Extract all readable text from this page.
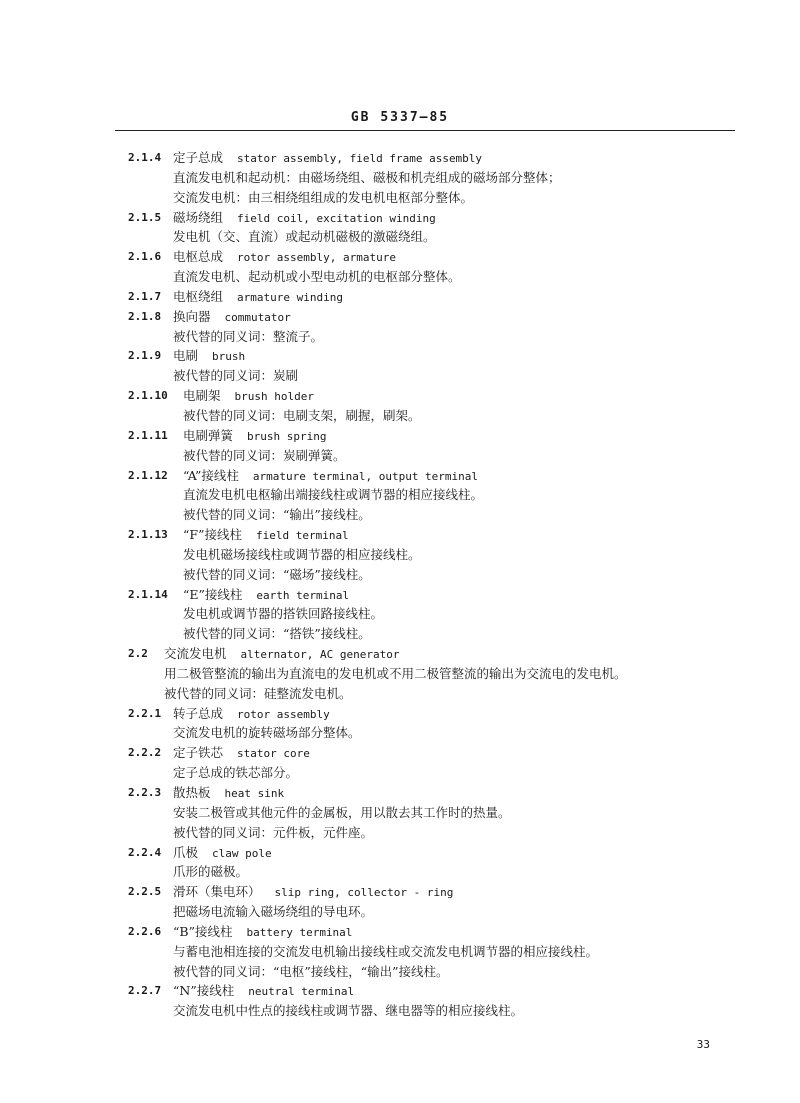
GB 5337—85
2.1.4 定子总成 stator assembly, field frame assembly
直流发电机和起动机：由磁场绕组、磁极和机壳组成的磁场部分整体；
交流发电机：由三相绕组组成的发电机电枢部分整体。
2.1.5 磁场绕组 field coil, excitation winding
发电机（交、直流）或起动机磁极的激磁绕组。
2.1.6 电枢总成 rotor assembly, armature
直流发电机、起动机或小型电动机的电枢部分整体。
2.1.7 电枢绕组 armature winding
2.1.8 换向器 commutator
被代替的同义词：整流子。
2.1.9 电刷 brush
被代替的同义词：炭刷
2.1.10 电刷架 brush holder
被代替的同义词：电刷支架，刷握，刷架。
2.1.11 电刷弹簧 brush spring
被代替的同义词：炭刷弹簧。
2.1.12 “A”接线柱 armature terminal, output terminal
直流发电机电枢输出端接线柱或调节器的相应接线柱。
被代替的同义词：“输出”接线柱。
2.1.13 “F”接线柱 field terminal
发电机磁场接线柱或调节器的相应接线柱。
被代替的同义词：“磁场”接线柱。
2.1.14 “E”接线柱 earth terminal
发电机或调节器的搭铁回路接线柱。
被代替的同义词：“搭铁”接线柱。
2.2 交流发电机 alternator, AC generator
用二极管整流的输出为直流电的发电机或不用二极管整流的输出为交流电的发电机。
被代替的同义词：硅整流发电机。
2.2.1 转子总成 rotor assembly
交流发电机的旋转磁场部分整体。
2.2.2 定子铁芯 stator core
定子总成的铁芯部分。
2.2.3 散热板 heat sink
安装二极管或其他元件的金属板，用以散去其工作时的热量。
被代替的同义词：元件板，元件座。
2.2.4 爪极 claw pole
爪形的磁极。
2.2.5 滑环（集电环） slip ring, collector - ring
把磁场电流输入磁场绕组的导电环。
2.2.6 “B”接线柱 battery terminal
与蓄电池相连接的交流发电机输出接线柱或交流发电机调节器的相应接线柱。
被代替的同义词：“电枢”接线柱，“输出”接线柱。
2.2.7 “N”接线柱 neutral terminal
交流发电机中性点的接线柱或调节器、继电器等的相应接线柱。
33
